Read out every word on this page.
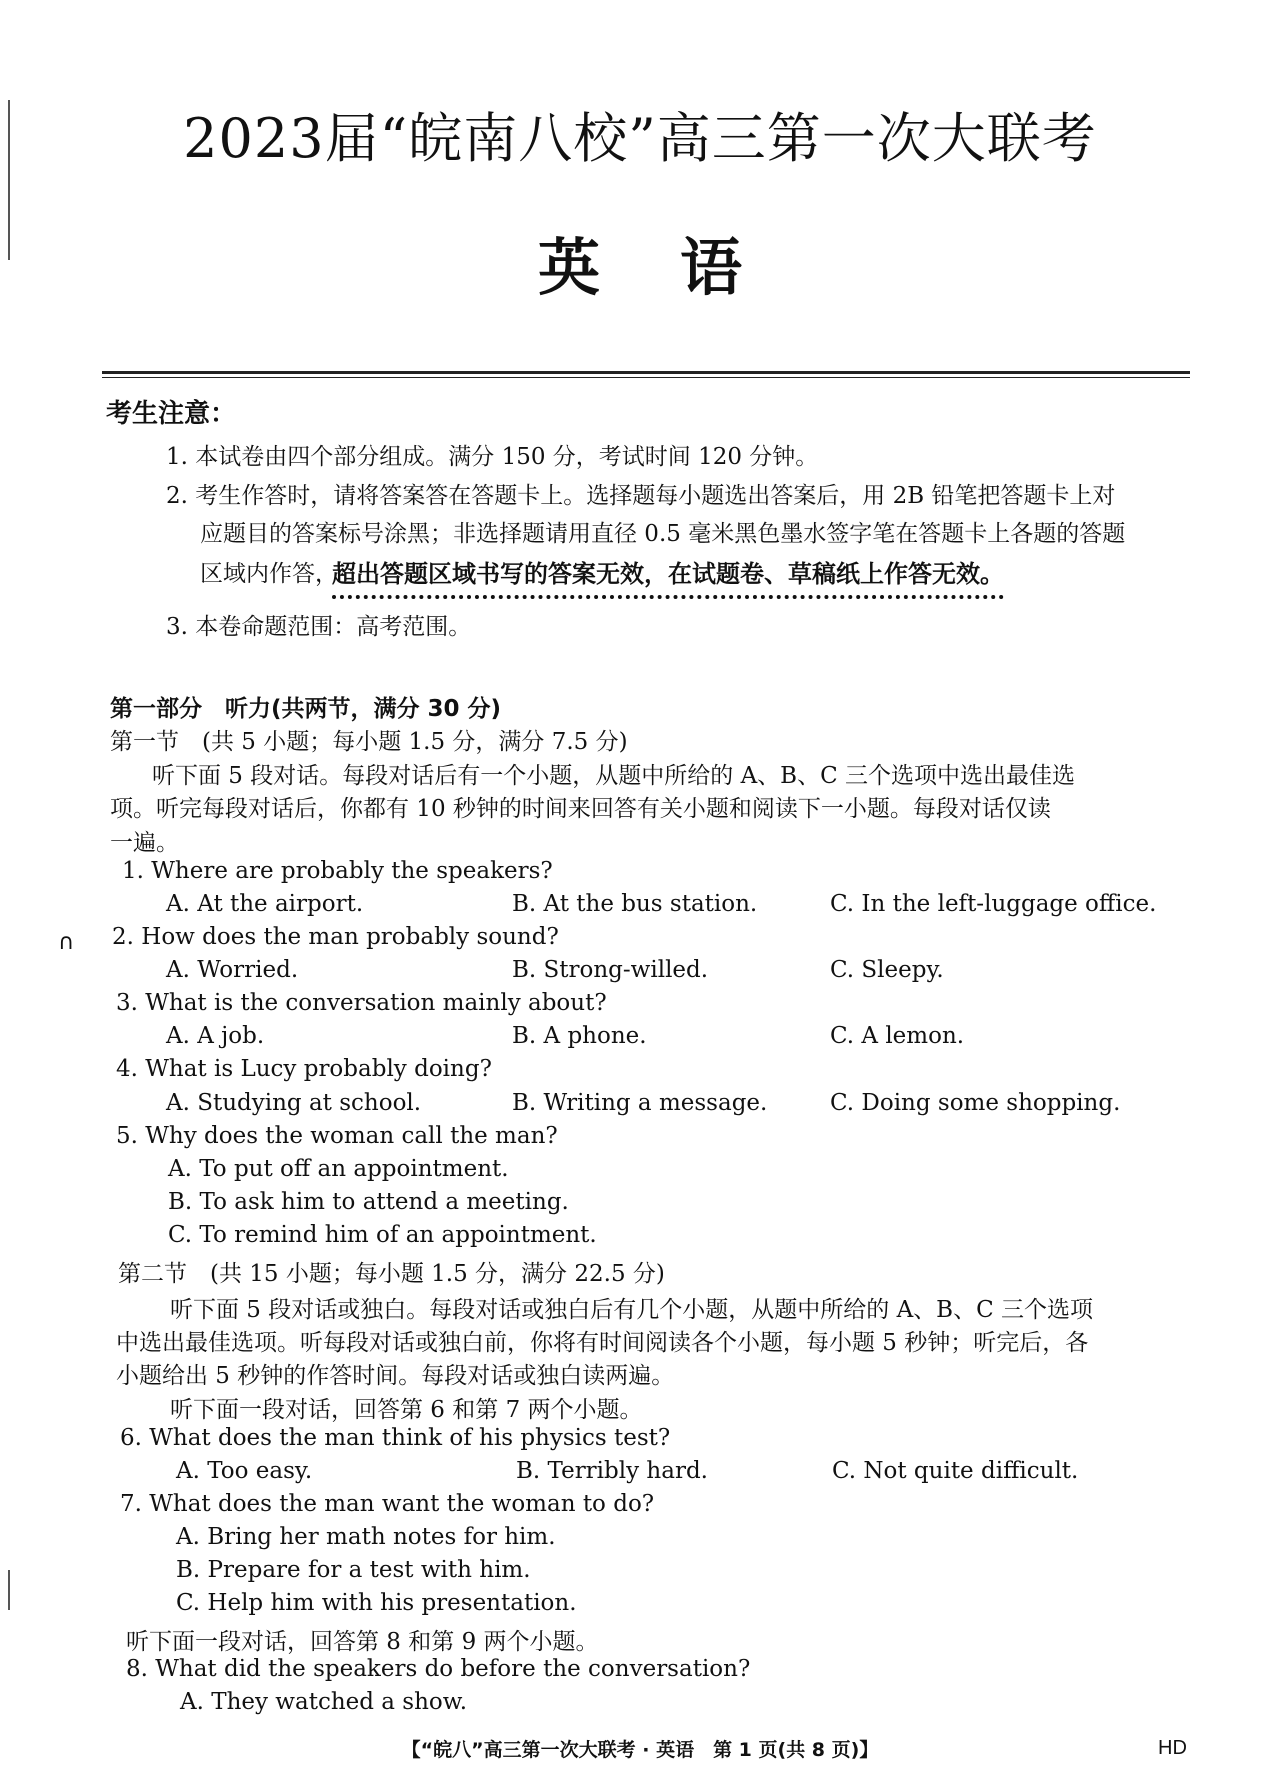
2023届“皖南八校”高三第一次大联考
英语
考生注意：
1. 本试卷由四个部分组成。满分 150 分，考试时间 120 分钟。
2. 考生作答时，请将答案答在答题卡上。选择题每小题选出答案后，用 2B 铅笔把答题卡上对
应题目的答案标号涂黑；非选择题请用直径 0.5 毫米黑色墨水签字笔在答题卡上各题的答题
区域内作答，
超出答题区域书写的答案无效，在试题卷、草稿纸上作答无效。
3. 本卷命题范围：高考范围。
第一部分　听力(共两节，满分 30 分)
第一节　(共 5 小题；每小题 1.5 分，满分 7.5 分)
听下面 5 段对话。每段对话后有一个小题，从题中所给的 A、B、C 三个选项中选出最佳选
项。听完每段对话后，你都有 10 秒钟的时间来回答有关小题和阅读下一小题。每段对话仅读
一遍。
1. Where are probably the speakers?
A. At the airport.	B. At the bus station.	C. In the left-luggage office.
∩ 2. How does the man probably sound?
A. Worried.	B. Strong-willed.	C. Sleepy.
3. What is the conversation mainly about?
A. A job.	B. A phone.	C. A lemon.
4. What is Lucy probably doing?
A. Studying at school.	B. Writing a message.	C. Doing some shopping.
5. Why does the woman call the man?
A. To put off an appointment.
B. To ask him to attend a meeting.
C. To remind him of an appointment.
第二节　(共 15 小题；每小题 1.5 分，满分 22.5 分)
听下面 5 段对话或独白。每段对话或独白后有几个小题，从题中所给的 A、B、C 三个选项
中选出最佳选项。听每段对话或独白前，你将有时间阅读各个小题，每小题 5 秒钟；听完后，各
小题给出 5 秒钟的作答时间。每段对话或独白读两遍。
听下面一段对话，回答第 6 和第 7 两个小题。
6. What does the man think of his physics test?
A. Too easy.	B. Terribly hard.	C. Not quite difficult.
7. What does the man want the woman to do?
A. Bring her math notes for him.
B. Prepare for a test with him.
C. Help him with his presentation.
听下面一段对话，回答第 8 和第 9 两个小题。
8. What did the speakers do before the conversation?
A. They watched a show.
【“皖八”高三第一次大联考 · 英语　第 1 页(共 8 页)】	HD
